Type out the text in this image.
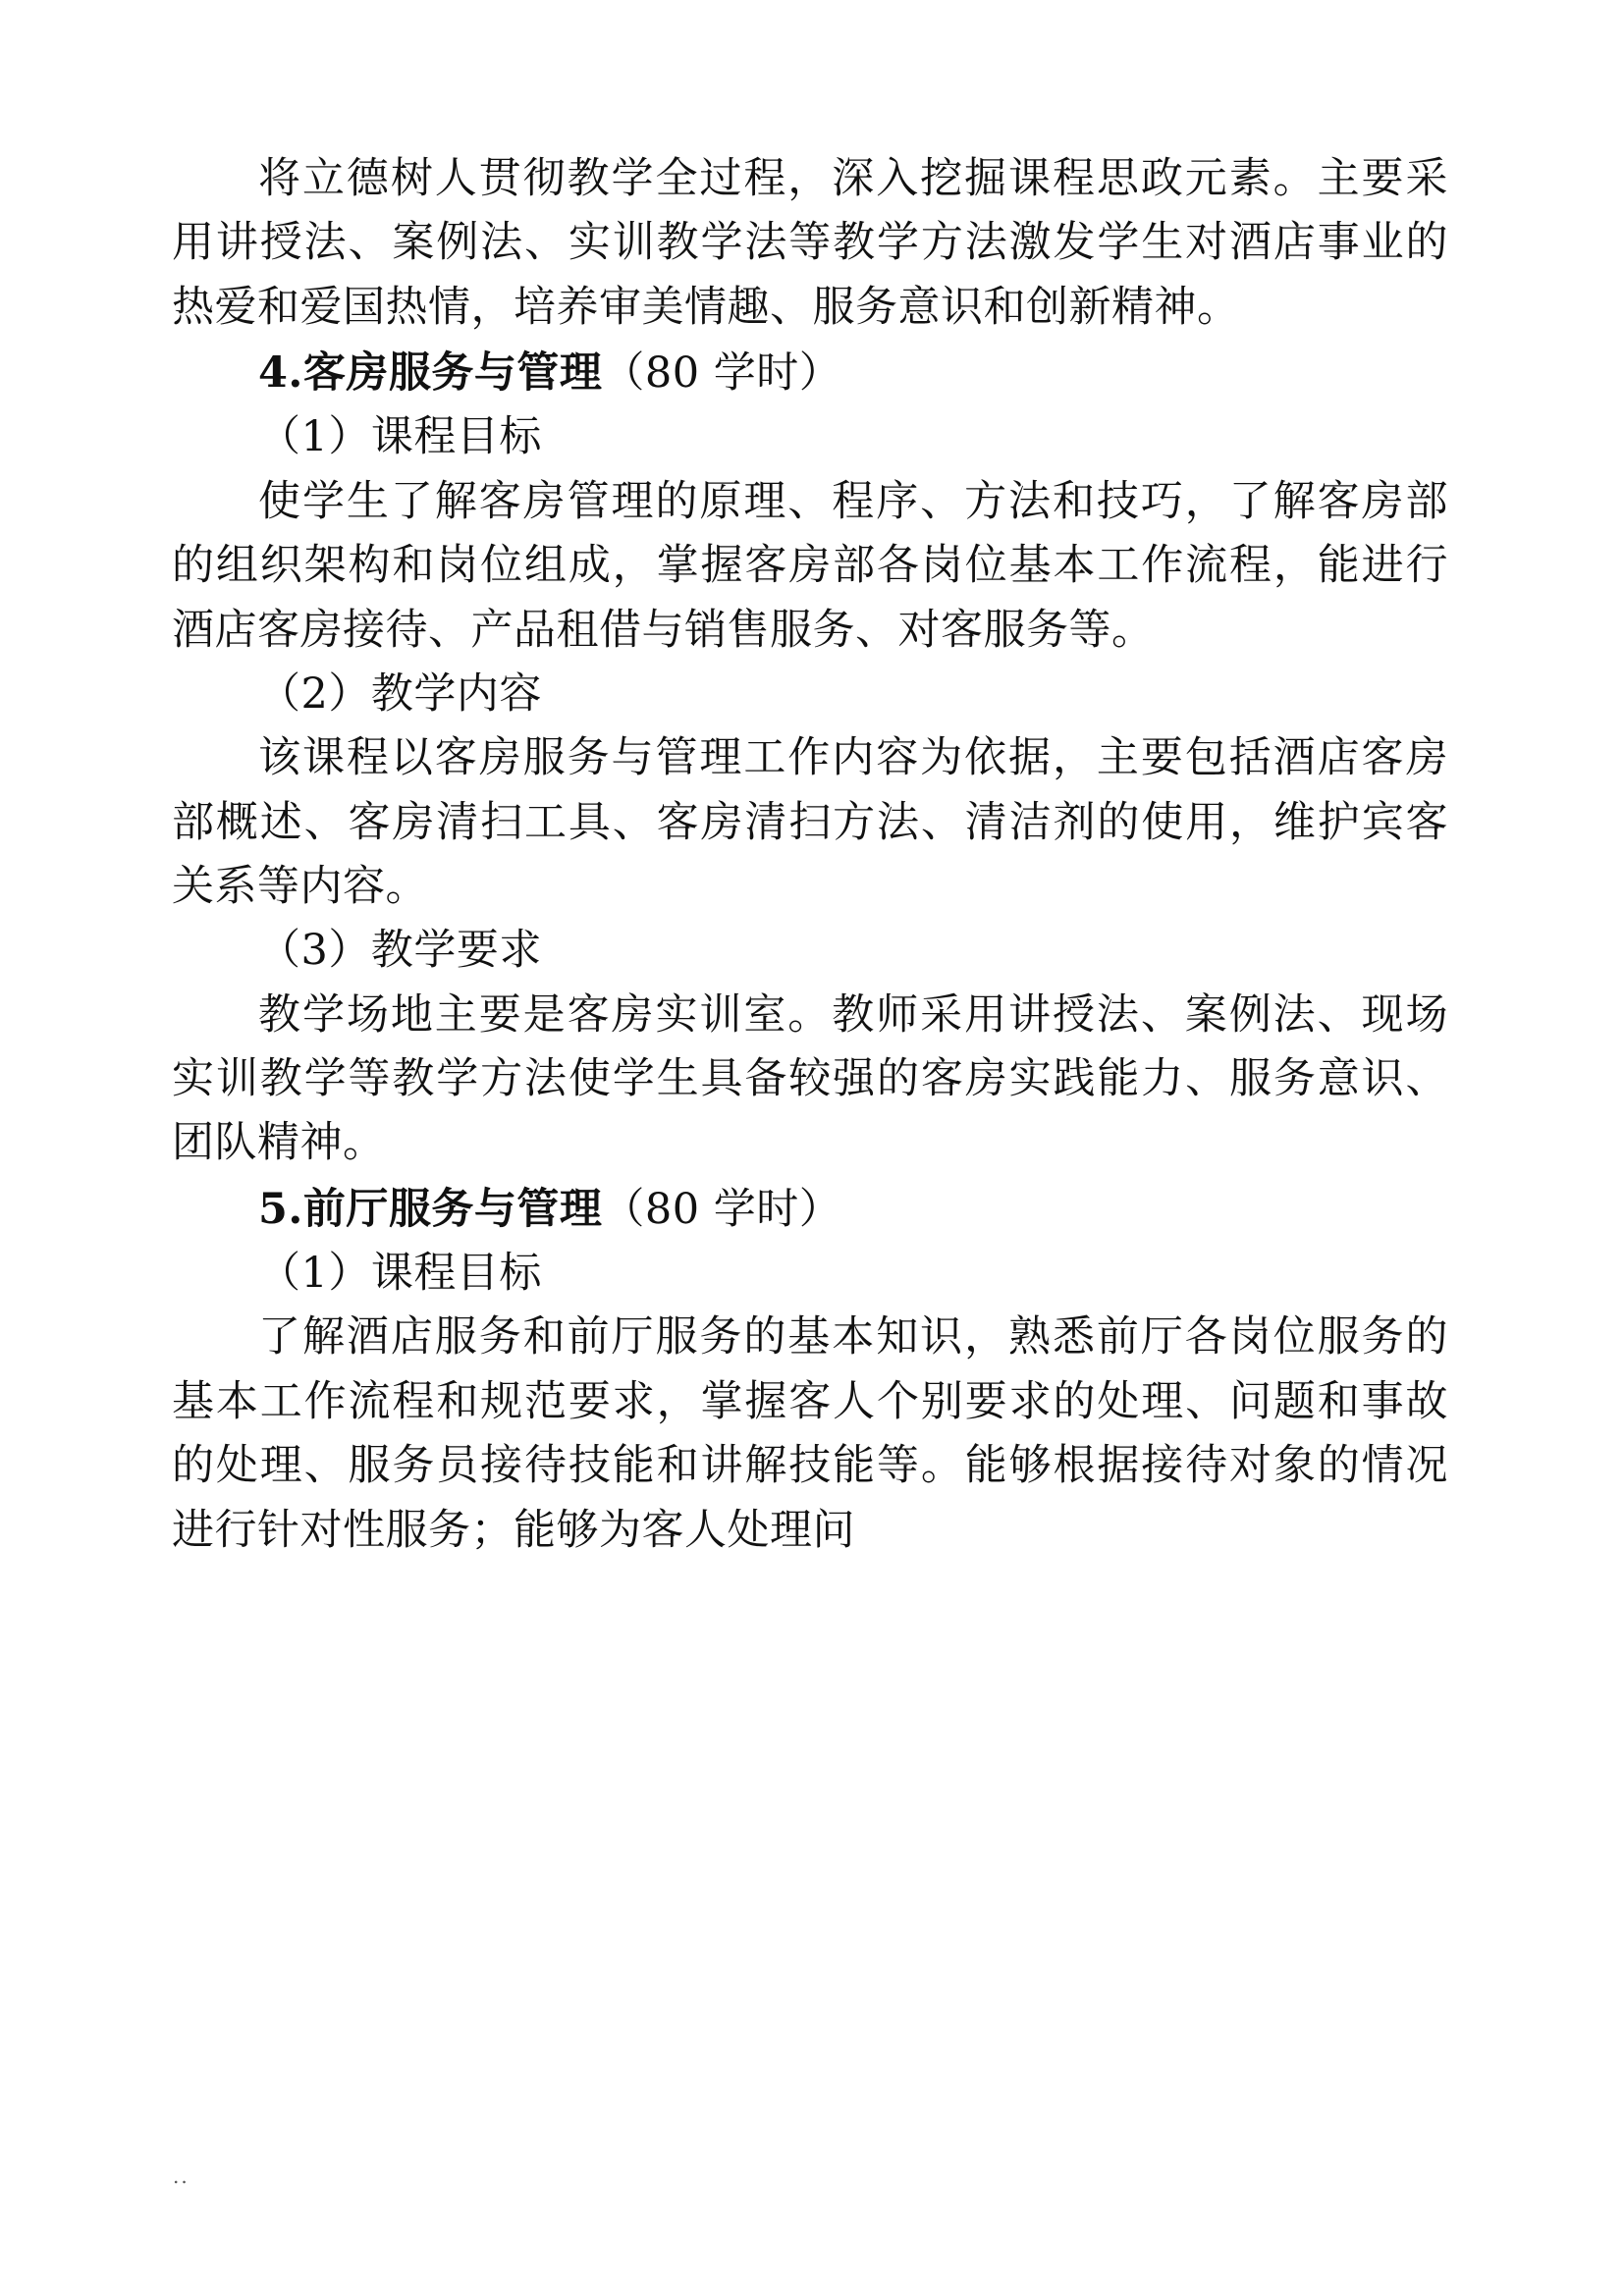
将立德树人贯彻教学全过程，深入挖掘课程思政元素。主要采用讲授法、案例法、实训教学法等教学方法激发学生对酒店事业的热爱和爱国热情，培养审美情趣、服务意识和创新精神。

4.客房服务与管理（80 学时）

（1）课程目标

使学生了解客房管理的原理、程序、方法和技巧，了解客房部的组织架构和岗位组成，掌握客房部各岗位基本工作流程，能进行酒店客房接待、产品租借与销售服务、对客服务等。

（2）教学内容

该课程以客房服务与管理工作内容为依据，主要包括酒店客房部概述、客房清扫工具、客房清扫方法、清洁剂的使用，维护宾客关系等内容。

（3）教学要求

教学场地主要是客房实训室。教师采用讲授法、案例法、现场实训教学等教学方法使学生具备较强的客房实践能力、服务意识、团队精神。

5.前厅服务与管理（80 学时）

（1）课程目标

了解酒店服务和前厅服务的基本知识，熟悉前厅各岗位服务的基本工作流程和规范要求，掌握客人个别要求的处理、问题和事故的处理、服务员接待技能和讲解技能等。能够根据接待对象的情况进行针对性服务；能够为客人处理问

..
